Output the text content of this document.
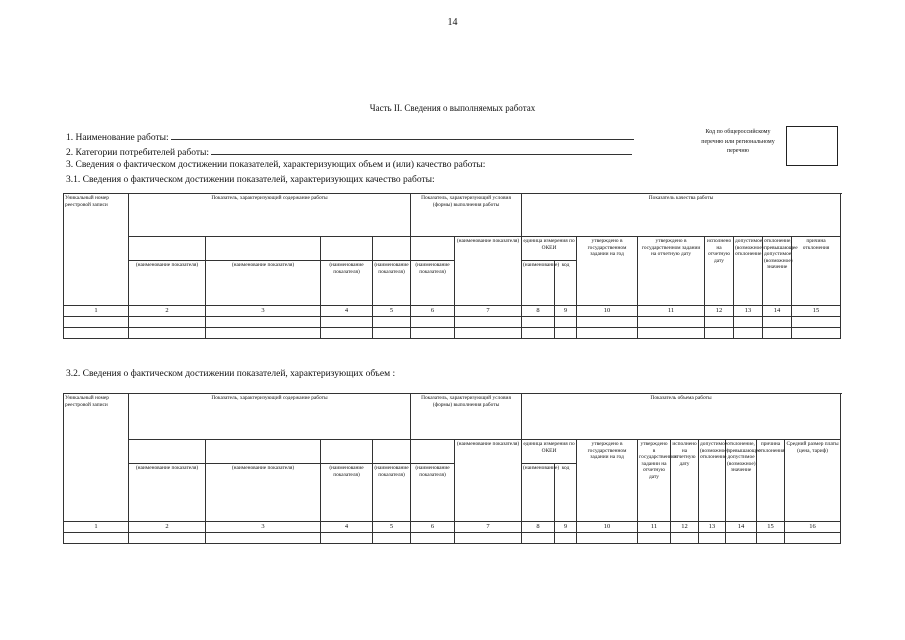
14
Часть II. Сведения о выполняемых работах
1. Наименование работы:
2. Категории потребителей работы:
3. Сведения о фактическом достижении показателей, характеризующих объем и (или) качество работы:
3.1. Сведения о фактическом достижении показателей, характеризующих качество работы:
Код по общероссийскому перечню или региональному перечню
Уникальный номер реестровой записи	Показатель, характеризующий содержание работы				Показатель, характеризующий условия (формы) выполнения работы		Показатель качества работы							
						(наименование показателя)	единица измерения по ОКЕИ		утверждено в государственном задании на год	утверждено в государственном задании на отчетную дату	исполнено на отчетную дату	допустимое (возможное) отклонение	отклонение, превышающее допустимое (возможное) значение	причина отклонения
	(наименование показателя)	(наименование показателя)	(наименование показателя)	(наименование показателя)	(наименование показателя)		(наименование)	код						
1	2	3	4	5	6	7	8	9	10	11	12	13	14	15

3.2. Сведения о фактическом достижении показателей, характеризующих объем :
Уникальный номер реестровой записи	Показатель, характеризующий содержание работы				Показатель, характеризующий условия (формы) выполнения работы		Показатель объема работы								
						(наименование показателя)	единица измерения по ОКЕИ		утверждено в государственном задании на год	утверждено в государственном задании на отчетную дату	исполнено на отчетную дату	допустимое (возможное) отклонение	отклонение, превышающее допустимое (возможное) значение	причина отклонения	Средний размер платы (цена, тариф)
	(наименование показателя)	(наименование показателя)	(наименование показателя)	(наименование показателя)	(наименование показателя)		(наименование)	код							
1	2	3	4	5	6	7	8	9	10	11	12	13	14	15	16
